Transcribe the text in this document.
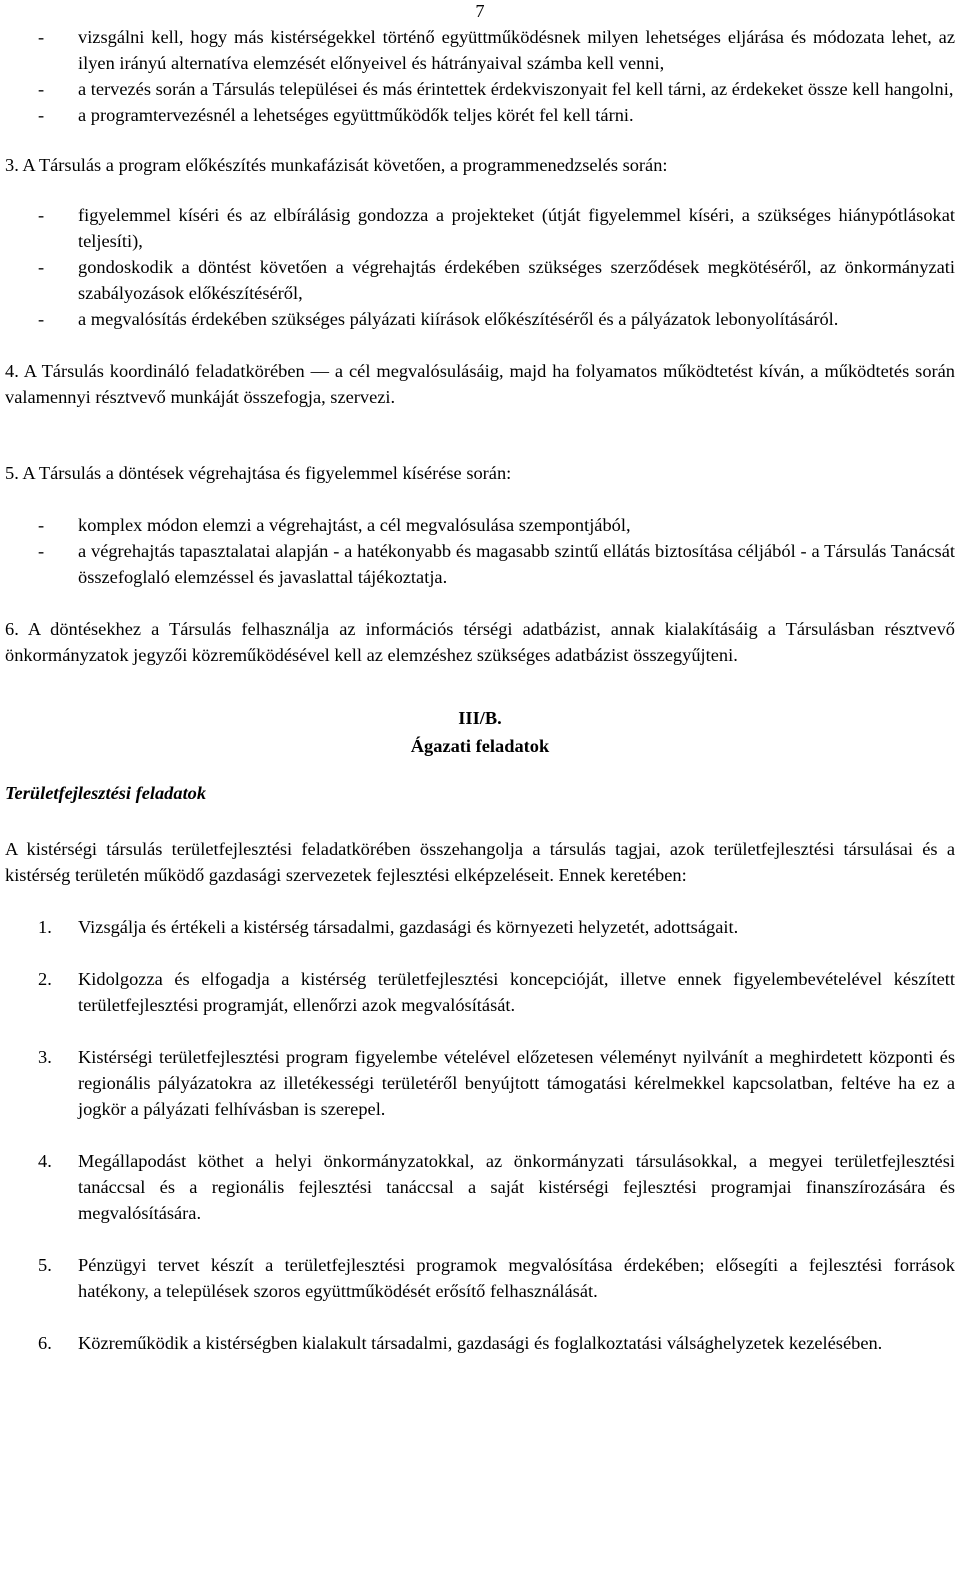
7
- vizsgálni kell, hogy más kistérségekkel történő együttműködésnek milyen lehetséges eljárása és módozata lehet, az ilyen irányú alternatíva elemzését előnyeivel és hátrányaival számba kell venni,
- a tervezés során a Társulás települései és más érintettek érdekviszonyait fel kell tárni, az érdekeket össze kell hangolni,
- a programtervezésnél a lehetséges együttműködők teljes körét fel kell tárni.

3. A Társulás a program előkészítés munkafázisát követően, a programmenedzselés során:

- figyelemmel kíséri és az elbírálásig gondozza a projekteket (útját figyelemmel kíséri, a szükséges hiánypótlásokat teljesíti),
- gondoskodik a döntést követően a végrehajtás érdekében szükséges szerződések megkötéséről, az önkormányzati szabályozások előkészítéséről,
- a megvalósítás érdekében szükséges pályázati kiírások előkészítéséről és a pályázatok lebonyolításáról.

4. A Társulás koordináló feladatkörében — a cél megvalósulásáig, majd ha folyamatos működtetést kíván, a működtetés során valamennyi résztvevő munkáját összefogja, szervezi.

5. A Társulás a döntések végrehajtása és figyelemmel kísérése során:

- komplex módon elemzi a végrehajtást, a cél megvalósulása szempontjából,
- a végrehajtás tapasztalatai alapján - a hatékonyabb és magasabb szintű ellátás biztosítása céljából - a Társulás Tanácsát összefoglaló elemzéssel és javaslattal tájékoztatja.

6. A döntésekhez a Társulás felhasználja az információs térségi adatbázist, annak kialakításáig a Társulásban résztvevő önkormányzatok jegyzői közreműködésével kell az elemzéshez szükséges adatbázist összegyűjteni.

III/B.
Ágazati feladatok
Területfejlesztési feladatok

A kistérségi társulás területfejlesztési feladatkörében összehangolja a társulás tagjai, azok területfejlesztési társulásai és a kistérség területén működő gazdasági szervezetek fejlesztési elképzeléseit. Ennek keretében:

1. Vizsgálja és értékeli a kistérség társadalmi, gazdasági és környezeti helyzetét, adottságait.
2. Kidolgozza és elfogadja a kistérség területfejlesztési koncepcióját, illetve ennek figyelembevételével készített területfejlesztési programját, ellenőrzi azok megvalósítását.
3. Kistérségi területfejlesztési program figyelembe vételével előzetesen véleményt nyilvánít a meghirdetett központi és regionális pályázatokra az illetékességi területéről benyújtott támogatási kérelmekkel kapcsolatban, feltéve ha ez a jogkör a pályázati felhívásban is szerepel.
4. Megállapodást köthet a helyi önkormányzatokkal, az önkormányzati társulásokkal, a megyei területfejlesztési tanáccsal és a regionális fejlesztési tanáccsal a saját kistérségi fejlesztési programjai finanszírozására és megvalósítására.
5. Pénzügyi tervet készít a területfejlesztési programok megvalósítása érdekében; elősegíti a fejlesztési források hatékony, a települések szoros együttműködését erősítő felhasználását.
6. Közreműködik a kistérségben kialakult társadalmi, gazdasági és foglalkoztatási válsághelyzetek kezelésében.
